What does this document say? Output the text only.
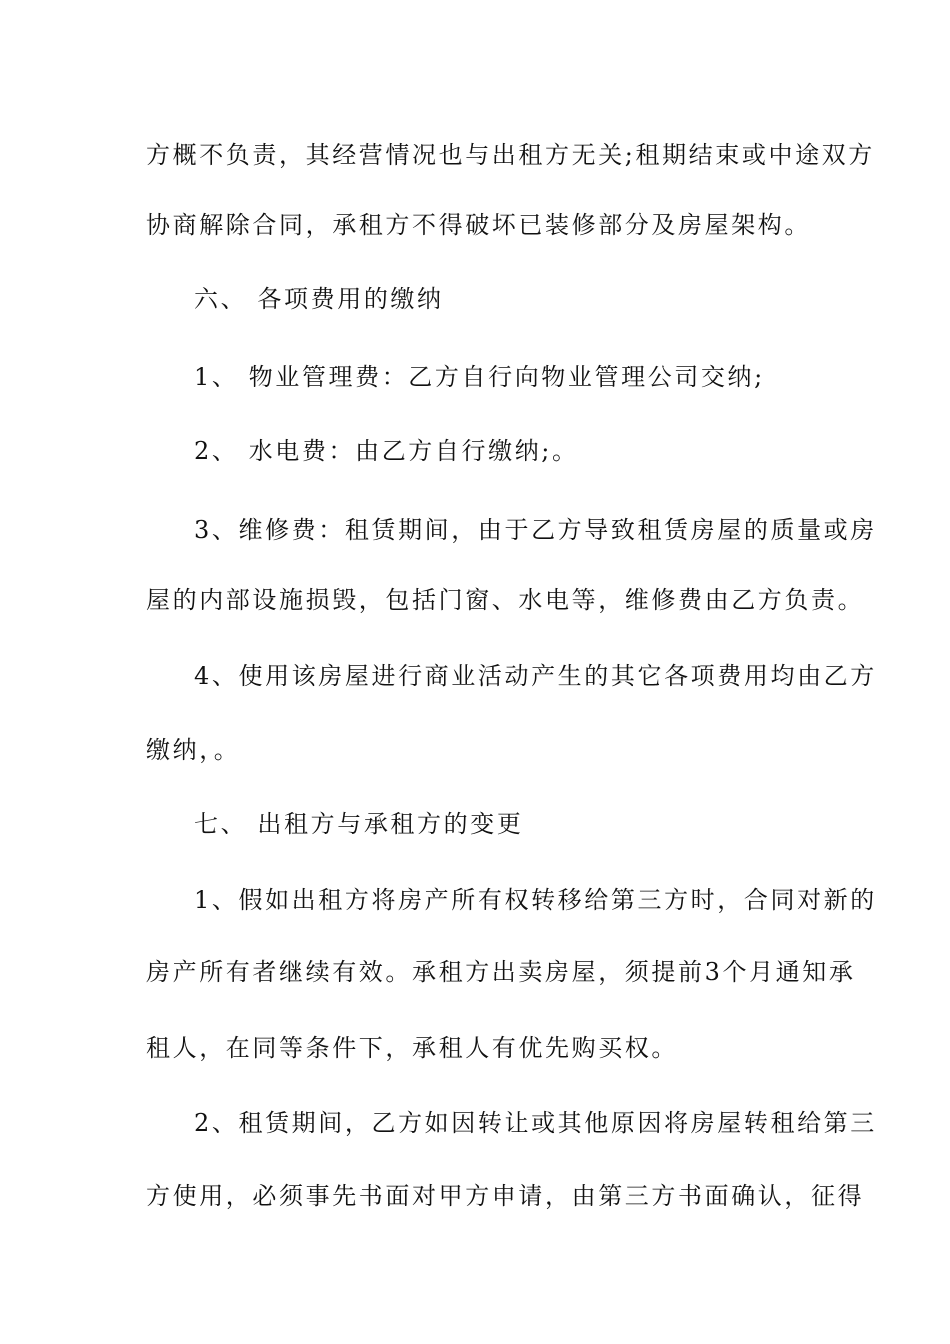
方概不负责，其经营情况也与出租方无关;租期结束或中途双方
协商解除合同，承租方不得破坏已装修部分及房屋架构。
六、 各项费用的缴纳
1、 物业管理费：乙方自行向物业管理公司交纳;
2、 水电费：由乙方自行缴纳;。
3、维修费：租赁期间，由于乙方导致租赁房屋的质量或房
屋的内部设施损毁，包括门窗、水电等，维修费由乙方负责。
4、使用该房屋进行商业活动产生的其它各项费用均由乙方
缴纳，。
七、 出租方与承租方的变更
1、假如出租方将房产所有权转移给第三方时，合同对新的
房产所有者继续有效。承租方出卖房屋，须提前3个月通知承
租人，在同等条件下，承租人有优先购买权。
2、租赁期间，乙方如因转让或其他原因将房屋转租给第三
方使用，必须事先书面对甲方申请，由第三方书面确认，征得
